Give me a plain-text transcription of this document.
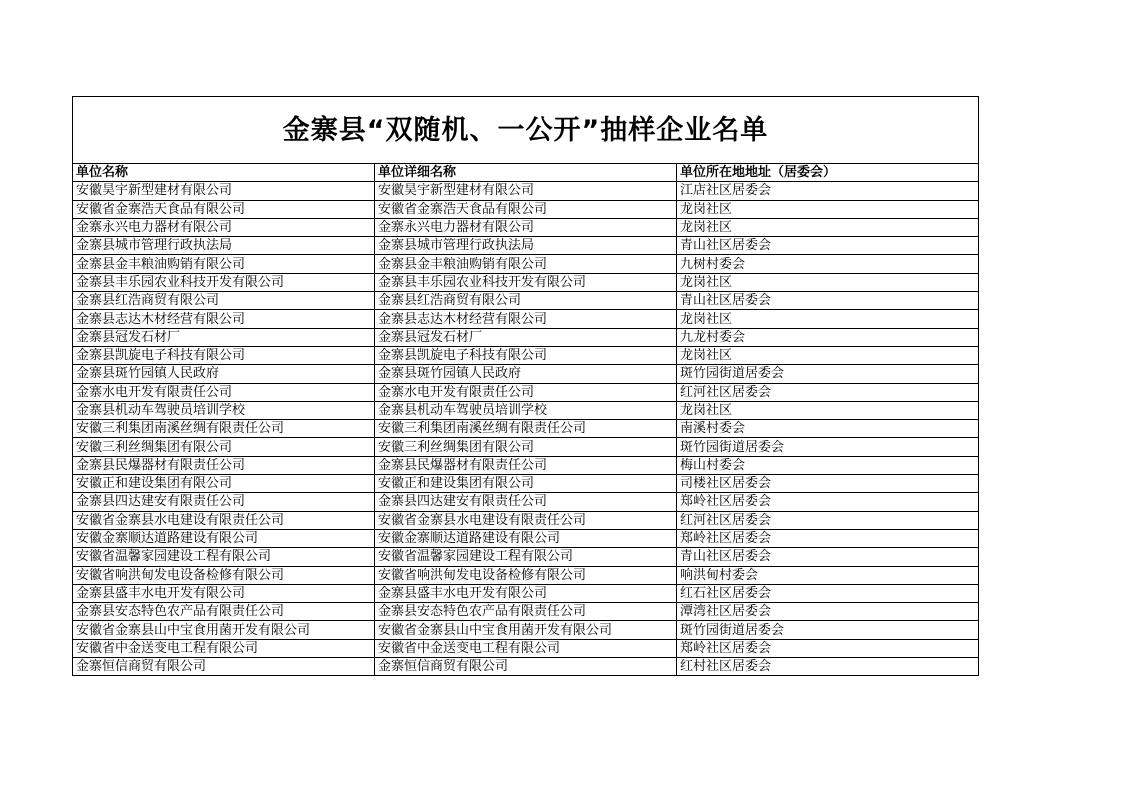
金寨县“双随机、一公开”抽样企业名单		
单位名称	单位详细名称	单位所在地地址（居委会）
安徽昊宇新型建材有限公司	安徽昊宇新型建材有限公司	江店社区居委会
安徽省金寨浩天食品有限公司	安徽省金寨浩天食品有限公司	龙岗社区
金寨永兴电力器材有限公司	金寨永兴电力器材有限公司	龙岗社区
金寨县城市管理行政执法局	金寨县城市管理行政执法局	青山社区居委会
金寨县金丰粮油购销有限公司	金寨县金丰粮油购销有限公司	九树村委会
金寨县丰乐园农业科技开发有限公司	金寨县丰乐园农业科技开发有限公司	龙岗社区
金寨县红浩商贸有限公司	金寨县红浩商贸有限公司	青山社区居委会
金寨县志达木材经营有限公司	金寨县志达木材经营有限公司	龙岗社区
金寨县冠发石材厂	金寨县冠发石材厂	九龙村委会
金寨县凯旋电子科技有限公司	金寨县凯旋电子科技有限公司	龙岗社区
金寨县斑竹园镇人民政府	金寨县斑竹园镇人民政府	斑竹园街道居委会
金寨水电开发有限责任公司	金寨水电开发有限责任公司	红河社区居委会
金寨县机动车驾驶员培训学校	金寨县机动车驾驶员培训学校	龙岗社区
安徽三利集团南溪丝绸有限责任公司	安徽三利集团南溪丝绸有限责任公司	南溪村委会
安徽三利丝绸集团有限公司	安徽三利丝绸集团有限公司	斑竹园街道居委会
金寨县民爆器材有限责任公司	金寨县民爆器材有限责任公司	梅山村委会
安徽正和建设集团有限公司	安徽正和建设集团有限公司	司楼社区居委会
金寨县四达建安有限责任公司	金寨县四达建安有限责任公司	郑岭社区居委会
安徽省金寨县水电建设有限责任公司	安徽省金寨县水电建设有限责任公司	红河社区居委会
安徽金寨顺达道路建设有限公司	安徽金寨顺达道路建设有限公司	郑岭社区居委会
安徽省温馨家园建设工程有限公司	安徽省温馨家园建设工程有限公司	青山社区居委会
安徽省响洪甸发电设备检修有限公司	安徽省响洪甸发电设备检修有限公司	响洪甸村委会
金寨县盛丰水电开发有限公司	金寨县盛丰水电开发有限公司	红石社区居委会
金寨县安态特色农产品有限责任公司	金寨县安态特色农产品有限责任公司	潭湾社区居委会
安徽省金寨县山中宝食用菌开发有限公司	安徽省金寨县山中宝食用菌开发有限公司	斑竹园街道居委会
安徽省中金送变电工程有限公司	安徽省中金送变电工程有限公司	郑岭社区居委会
金寨恒信商贸有限公司	金寨恒信商贸有限公司	红村社区居委会
